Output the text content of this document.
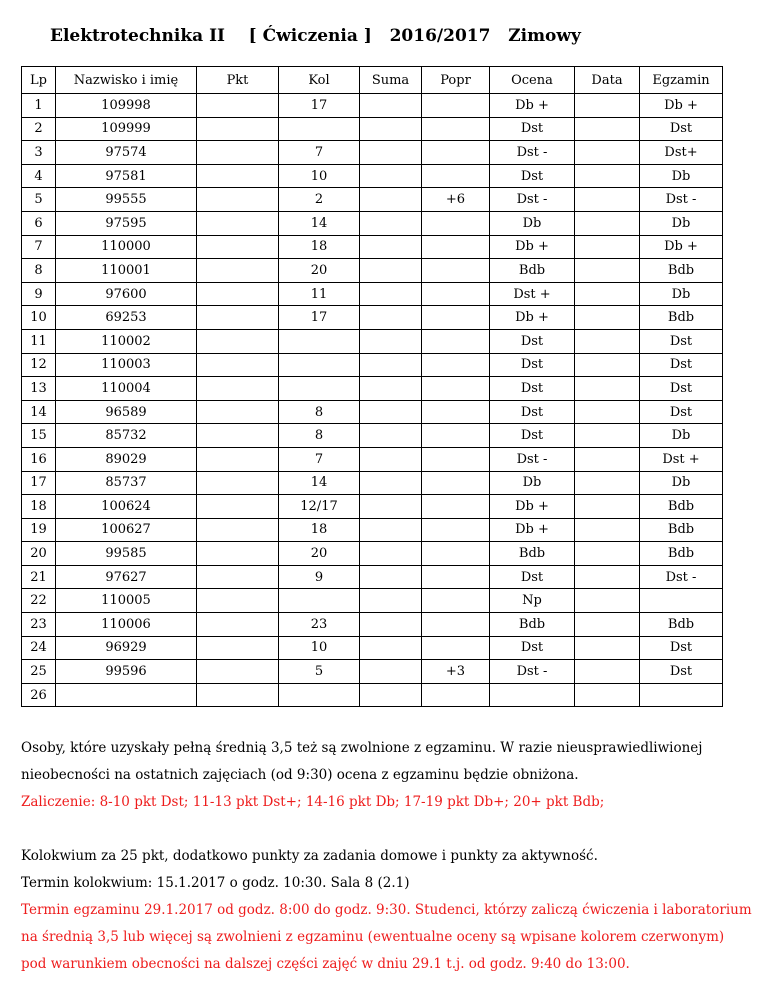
Elektrotechnika II    [ Ćwiczenia ]   2016/2017   Zimowy
Lp	Nazwisko i imię	Pkt	Kol	Suma	Popr	Ocena	Data	Egzamin
1	109998		17			Db +		Db +
2	109999					Dst		Dst
3	97574		7			Dst -		Dst+
4	97581		10			Dst		Db
5	99555		2		+6	Dst -		Dst -
6	97595		14			Db		Db
7	110000		18			Db +		Db +
8	110001		20			Bdb		Bdb
9	97600		11			Dst +		Db
10	69253		17			Db +		Bdb
11	110002					Dst		Dst
12	110003					Dst		Dst
13	110004					Dst		Dst
14	96589		8			Dst		Dst
15	85732		8			Dst		Db
16	89029		7			Dst -		Dst +
17	85737		14			Db		Db
18	100624		12/17			Db +		Bdb
19	100627		18			Db +		Bdb
20	99585		20			Bdb		Bdb
21	97627		9			Dst		Dst -
22	110005					Np		
23	110006		23			Bdb		Bdb
24	96929		10			Dst		Dst
25	99596		5		+3	Dst -		Dst
26								

Osoby, które uzyskały pełną średnią 3,5 też są zwolnione z egzaminu. W razie nieusprawiedliwionej

nieobecności na ostatnich zajęciach (od 9:30) ocena z egzaminu będzie obniżona.

Zaliczenie: 8-10 pkt Dst; 11-13 pkt Dst+; 14-16 pkt Db; 17-19 pkt Db+; 20+ pkt Bdb;

Kolokwium za 25 pkt, dodatkowo punkty za zadania domowe i punkty za aktywność.

Termin kolokwium: 15.1.2017 o godz. 10:30. Sala 8 (2.1)

Termin egzaminu 29.1.2017 od godz. 8:00 do godz. 9:30. Studenci, którzy zaliczą ćwiczenia i laboratorium

na średnią 3,5 lub więcej są zwolnieni z egzaminu (ewentualne oceny są wpisane kolorem czerwonym)

pod warunkiem obecności na dalszej części zajęć w dniu 29.1 t.j. od godz. 9:40 do 13:00.
